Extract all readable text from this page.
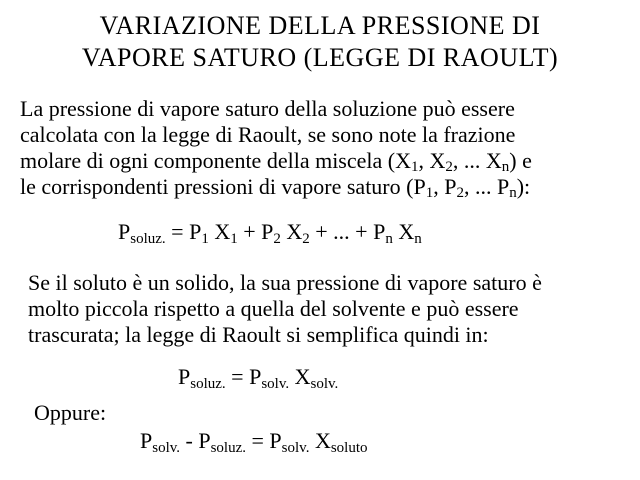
VARIAZIONE DELLA PRESSIONE DI
VAPORE SATURO (LEGGE DI RAOULT)
La pressione di vapore saturo della soluzione può essere
calcolata con la legge di Raoult, se sono note la frazione
molare di ogni componente della miscela ($X_1$, $X_2$, ... $X_n$) e
le corrispondenti pressioni di vapore saturo ($P_1$, $P_2$, ... $P_n$):
$P_{soluz.} = P_1$ $X_1 + P_2$ $X_2$ + ... + $P_n$ $X_n$
Se il soluto è un solido, la sua pressione di vapore saturo è
molto piccola rispetto a quella del solvente e può essere
trascurata; la legge di Raoult si semplifica quindi in:
$P_{soluz.} = P_{solv.}$ $X_{solv.}$
Oppure:
$P_{solv.} - P_{soluz.} = P_{solv.}$ $X_{soluto}$
